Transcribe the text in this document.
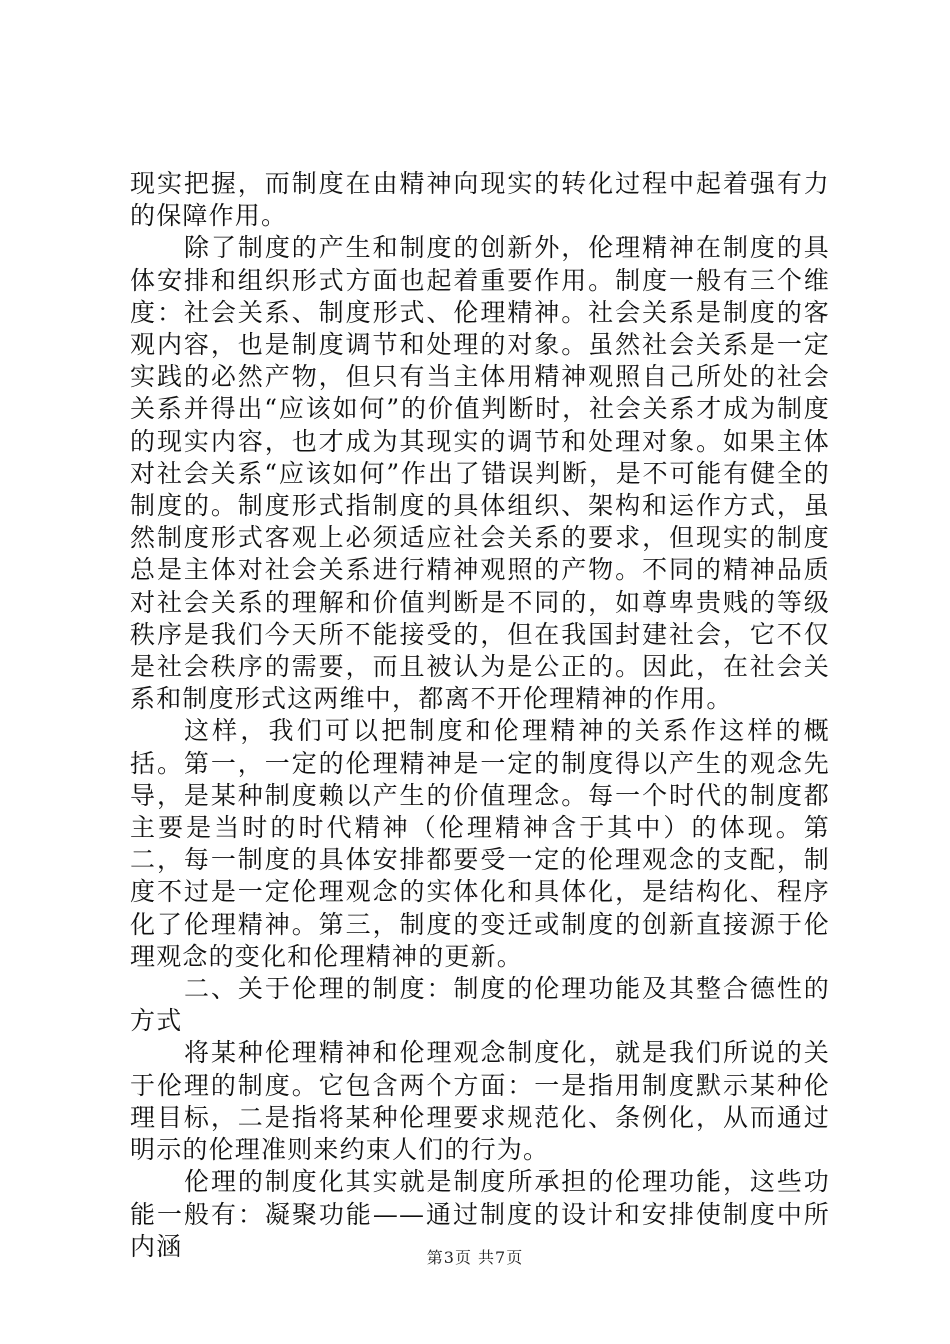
现实把握，而制度在由精神向现实的转化过程中起着强有力的保障作用。

除了制度的产生和制度的创新外，伦理精神在制度的具体安排和组织形式方面也起着重要作用。制度一般有三个维度：社会关系、制度形式、伦理精神。社会关系是制度的客观内容，也是制度调节和处理的对象。虽然社会关系是一定实践的必然产物，但只有当主体用精神观照自己所处的社会关系并得出“应该如何”的价值判断时，社会关系才成为制度的现实内容，也才成为其现实的调节和处理对象。如果主体对社会关系“应该如何”作出了错误判断，是不可能有健全的制度的。制度形式指制度的具体组织、架构和运作方式，虽然制度形式客观上必须适应社会关系的要求，但现实的制度总是主体对社会关系进行精神观照的产物。不同的精神品质对社会关系的理解和价值判断是不同的，如尊卑贵贱的等级秩序是我们今天所不能接受的，但在我国封建社会，它不仅是社会秩序的需要，而且被认为是公正的。因此，在社会关系和制度形式这两维中，都离不开伦理精神的作用。

这样，我们可以把制度和伦理精神的关系作这样的概括。第一，一定的伦理精神是一定的制度得以产生的观念先导，是某种制度赖以产生的价值理念。每一个时代的制度都主要是当时的时代精神（伦理精神含于其中）的体现。第二，每一制度的具体安排都要受一定的伦理观念的支配，制度不过是一定伦理观念的实体化和具体化，是结构化、程序化了伦理精神。第三，制度的变迁或制度的创新直接源于伦理观念的变化和伦理精神的更新。

二、关于伦理的制度：制度的伦理功能及其整合德性的方式

将某种伦理精神和伦理观念制度化，就是我们所说的关于伦理的制度。它包含两个方面：一是指用制度默示某种伦理目标，二是指将某种伦理要求规范化、条例化，从而通过明示的伦理准则来约束人们的行为。

伦理的制度化其实就是制度所承担的伦理功能，这些功能一般有：凝聚功能——通过制度的设计和安排使制度中所内涵	第3页 共7页
